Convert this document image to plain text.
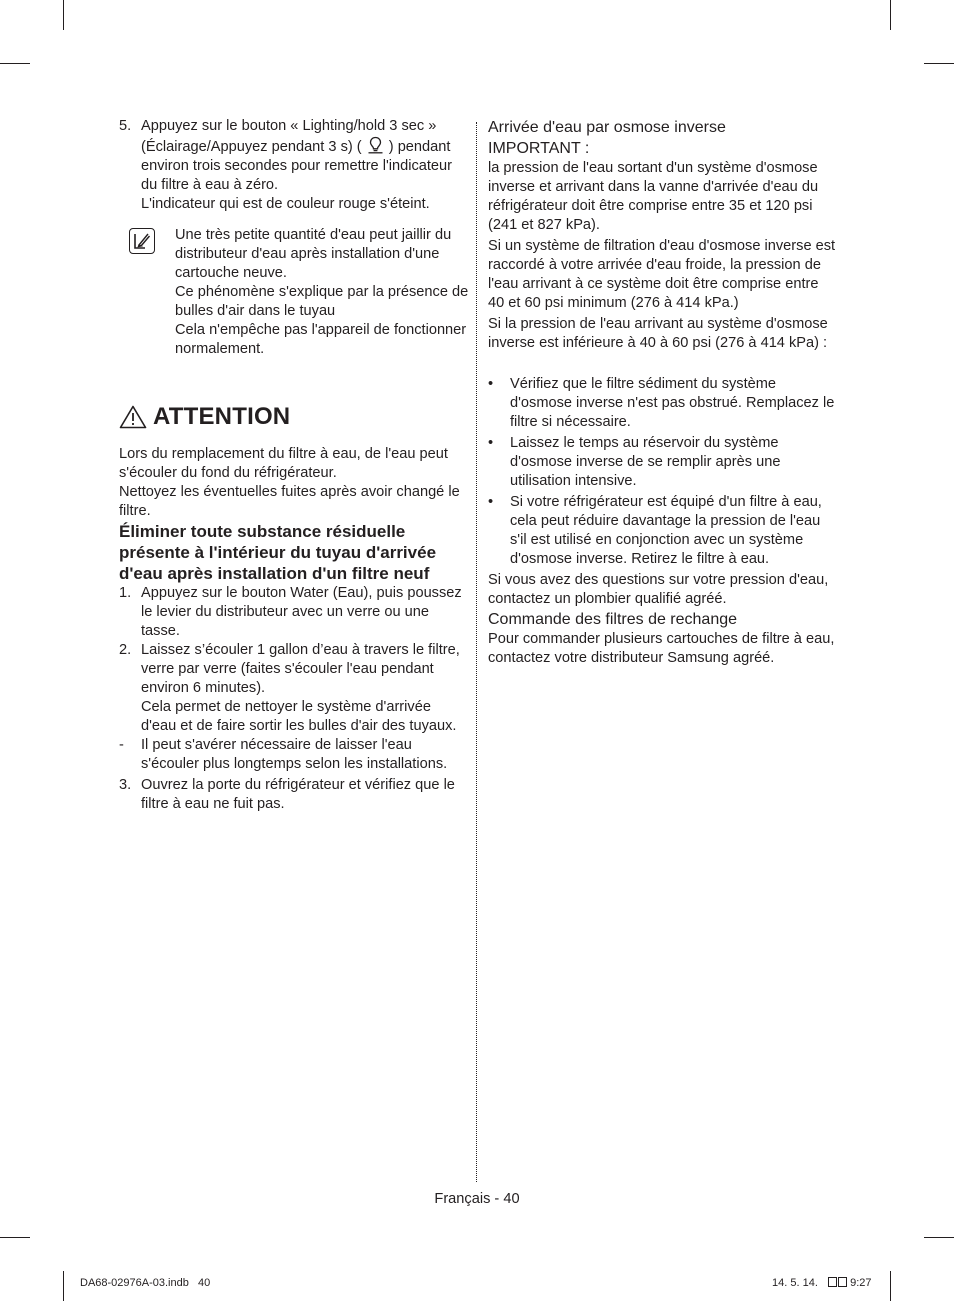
5. Appuyez sur le bouton « Lighting/hold 3 sec » (Éclairage/Appuyez pendant 3 s) ( ) pendant environ trois secondes pour remettre l'indicateur du filtre à eau à zéro.
L'indicateur qui est de couleur rouge s'éteint.

Une très petite quantité d'eau peut jaillir du distributeur d'eau après installation d'une cartouche neuve.

Ce phénomène s'explique par la présence de bulles d'air dans le tuyau

Cela n'empêche pas l'appareil de fonctionner normalement.

ATTENTION

Lors du remplacement du filtre à eau, de l'eau peut s'écouler du fond du réfrigérateur.

Nettoyez les éventuelles fuites après avoir changé le filtre.

Éliminer toute substance résiduelle présente à l'intérieur du tuyau d'arrivée d'eau après installation d'un filtre neuf
1. Appuyez sur le bouton Water (Eau), puis poussez le levier du distributeur avec un verre ou une tasse.
2. Laissez s’écouler 1 gallon d’eau à travers le filtre, verre par verre (faites s'écouler l'eau pendant environ 6 minutes).
Cela permet de nettoyer le système d'arrivée d'eau et de faire sortir les bulles d'air des tuyaux.
- Il peut s'avérer nécessaire de laisser l'eau s'écouler plus longtemps selon les installations.
3. Ouvrez la porte du réfrigérateur et vérifiez que le filtre à eau ne fuit pas.
Arrivée d'eau par osmose inverse
IMPORTANT :

la pression de l'eau sortant d'un système d'osmose inverse et arrivant dans la vanne d'arrivée d'eau du réfrigérateur doit être comprise entre 35 et 120 psi (241 et 827 kPa).

Si un système de filtration d'eau d'osmose inverse est raccordé à votre arrivée d'eau froide, la pression de l'eau arrivant à ce système doit être comprise entre 40 et 60 psi minimum (276 à 414 kPa.)

Si la pression de l'eau arrivant au système d'osmose inverse est inférieure à 40 à 60 psi (276 à 414 kPa) :

• Vérifiez que le filtre sédiment du système d'osmose inverse n'est pas obstrué. Remplacez le filtre si nécessaire.
• Laissez le temps au réservoir du système d'osmose inverse de se remplir après une utilisation intensive.
• Si votre réfrigérateur est équipé d'un filtre à eau, cela peut réduire davantage la pression de l'eau s'il est utilisé en conjonction avec un système d'osmose inverse. Retirez le filtre à eau.

Si vous avez des questions sur votre pression d'eau, contactez un plombier qualifié agréé.

Commande des filtres de rechange

Pour commander plusieurs cartouches de filtre à eau, contactez votre distributeur Samsung agréé.

Français - 40
DA68-02976A-03.indb   40	14. 5. 14.	9:27
